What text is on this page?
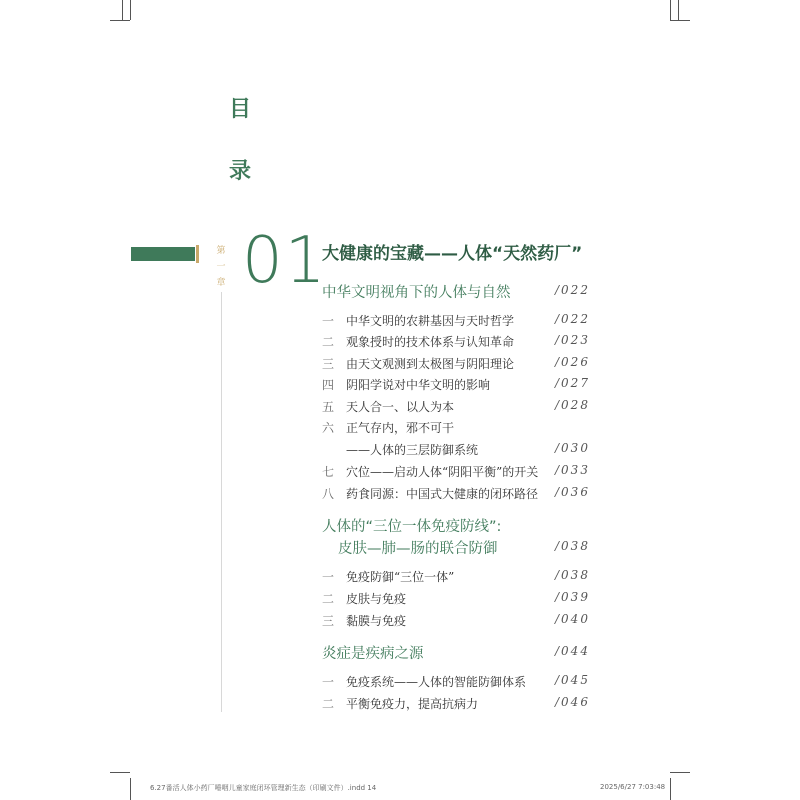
目
录
第
一
章 01
大健康的宝藏——人体“天然药厂”
中华文明视角下的人体与自然	/022
一 中华文明的农耕基因与天时哲学	/022
二 观象授时的技术体系与认知革命	/023
三 由天文观测到太极图与阴阳理论	/026
四 阴阳学说对中华文明的影响	/027
五 天人合一、以人为本	/028
六 正气存内，邪不可干
——人体的三层防御系统	/030
七 穴位——启动人体“阴阳平衡”的开关 /033
八 药食同源：中国式大健康的闭环路径 /036
人体的“三位一体免疫防线”:
皮肤—肺—肠的联合防御	/038
一 免疫防御“三位一体”	/038
二 皮肤与免疫	/039
三 黏膜与免疫	/040
炎症是疾病之源	/044
一 免疫系统——人体的智能防御体系 /045
二 平衡免疫力，提高抗病力	/046
6.27番活人体小药厂唾咽儿童家庭闭环管理新生态（印刷文件）.indd 14	2025/6/27 7:03:48
